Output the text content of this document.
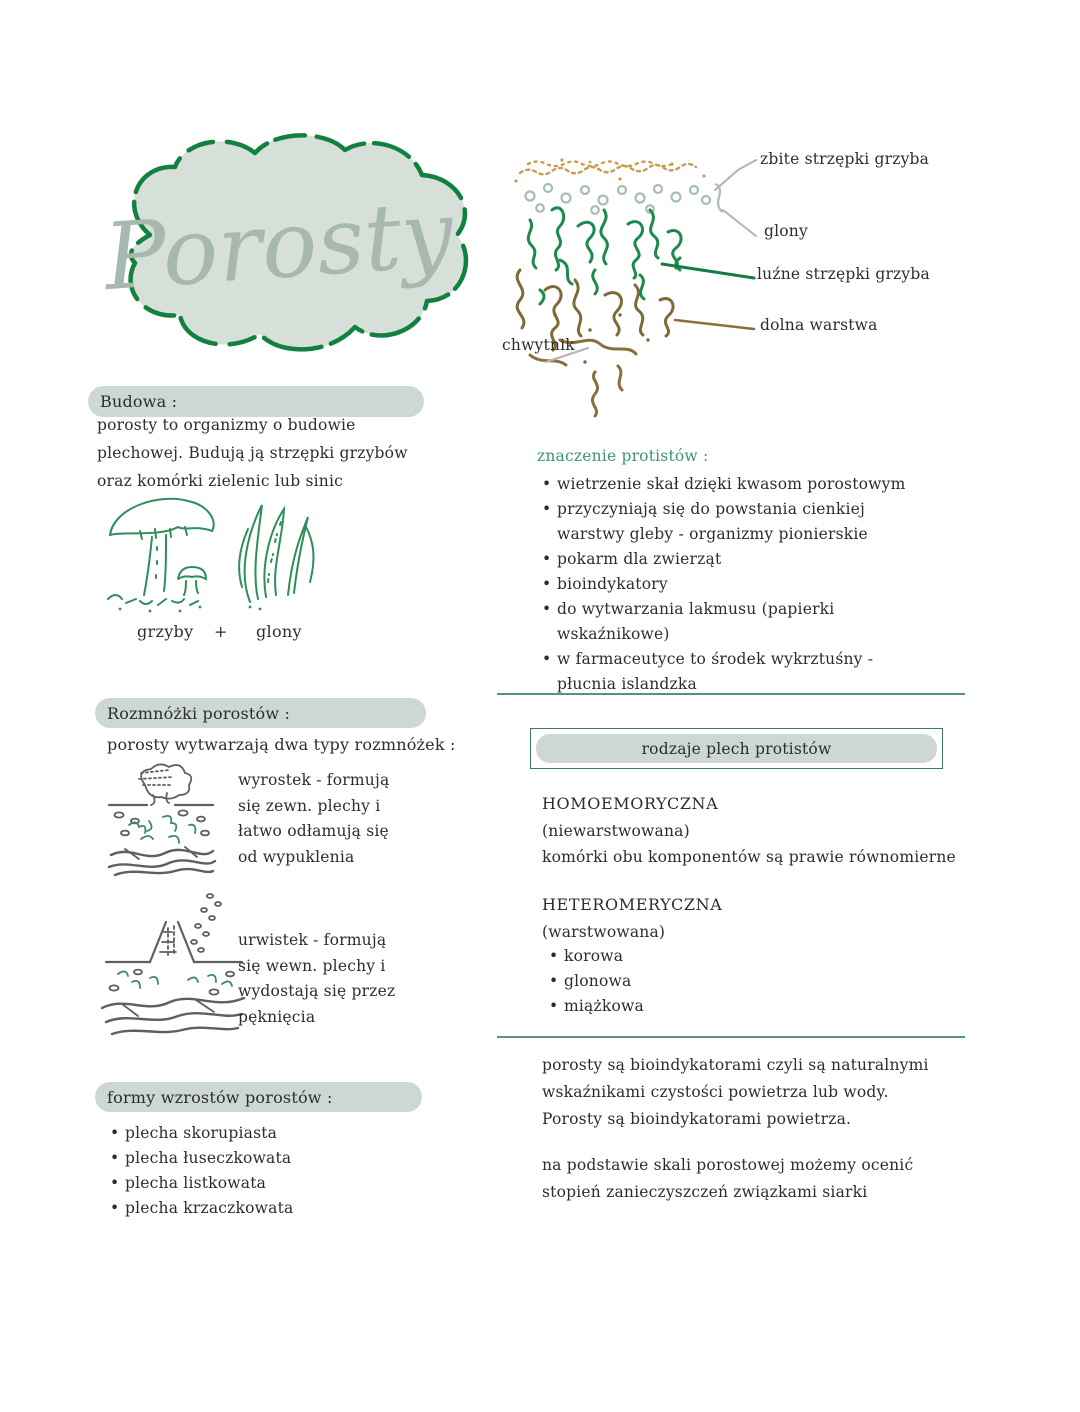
Porosty
zbite strzępki grzyba
glony
luźne strzępki grzyba
dolna warstwa
chwytnik
Budowa :
porosty to organizmy o budowie plechowej. Budują ją strzępki grzybów oraz komórki zielenic lub sinic
grzyby + glony
Rozmnóżki porostów :
porosty wytwarzają dwa typy rozmnóżek :
wyrostek - formują się zewn. plechy i łatwo odłamują się od wypuklenia
urwistek - formują się wewn. plechy i wydostają się przez pęknięcia
formy wzrostów porostów :
• plecha skorupiasta
• plecha łuseczkowata
• plecha listkowata
• plecha krzaczkowata
znaczenie protistów :
• wietrzenie skał dzięki kwasom porostowym
• przyczyniają się do powstania cienkiej warstwy gleby - organizmy pionierskie
• pokarm dla zwierząt
• bioindykatory
• do wytwarzania lakmusu (papierki wskaźnikowe)
• w farmaceutyce to środek wykrztuśny - płucnia islandzka
rodzaje plech protistów
HOMOEMORYCZNA
(niewarstwowana)
komórki obu komponentów są prawie równomierne
HETEROMERYCZNA
(warstwowana)
• korowa
• glonowa
• miążkowa
porosty są bioindykatorami czyli są naturalnymi wskaźnikami czystości powietrza lub wody. Porosty są bioindykatorami powietrza.
na podstawie skali porostowej możemy ocenić stopień zanieczyszczeń związkami siarki
